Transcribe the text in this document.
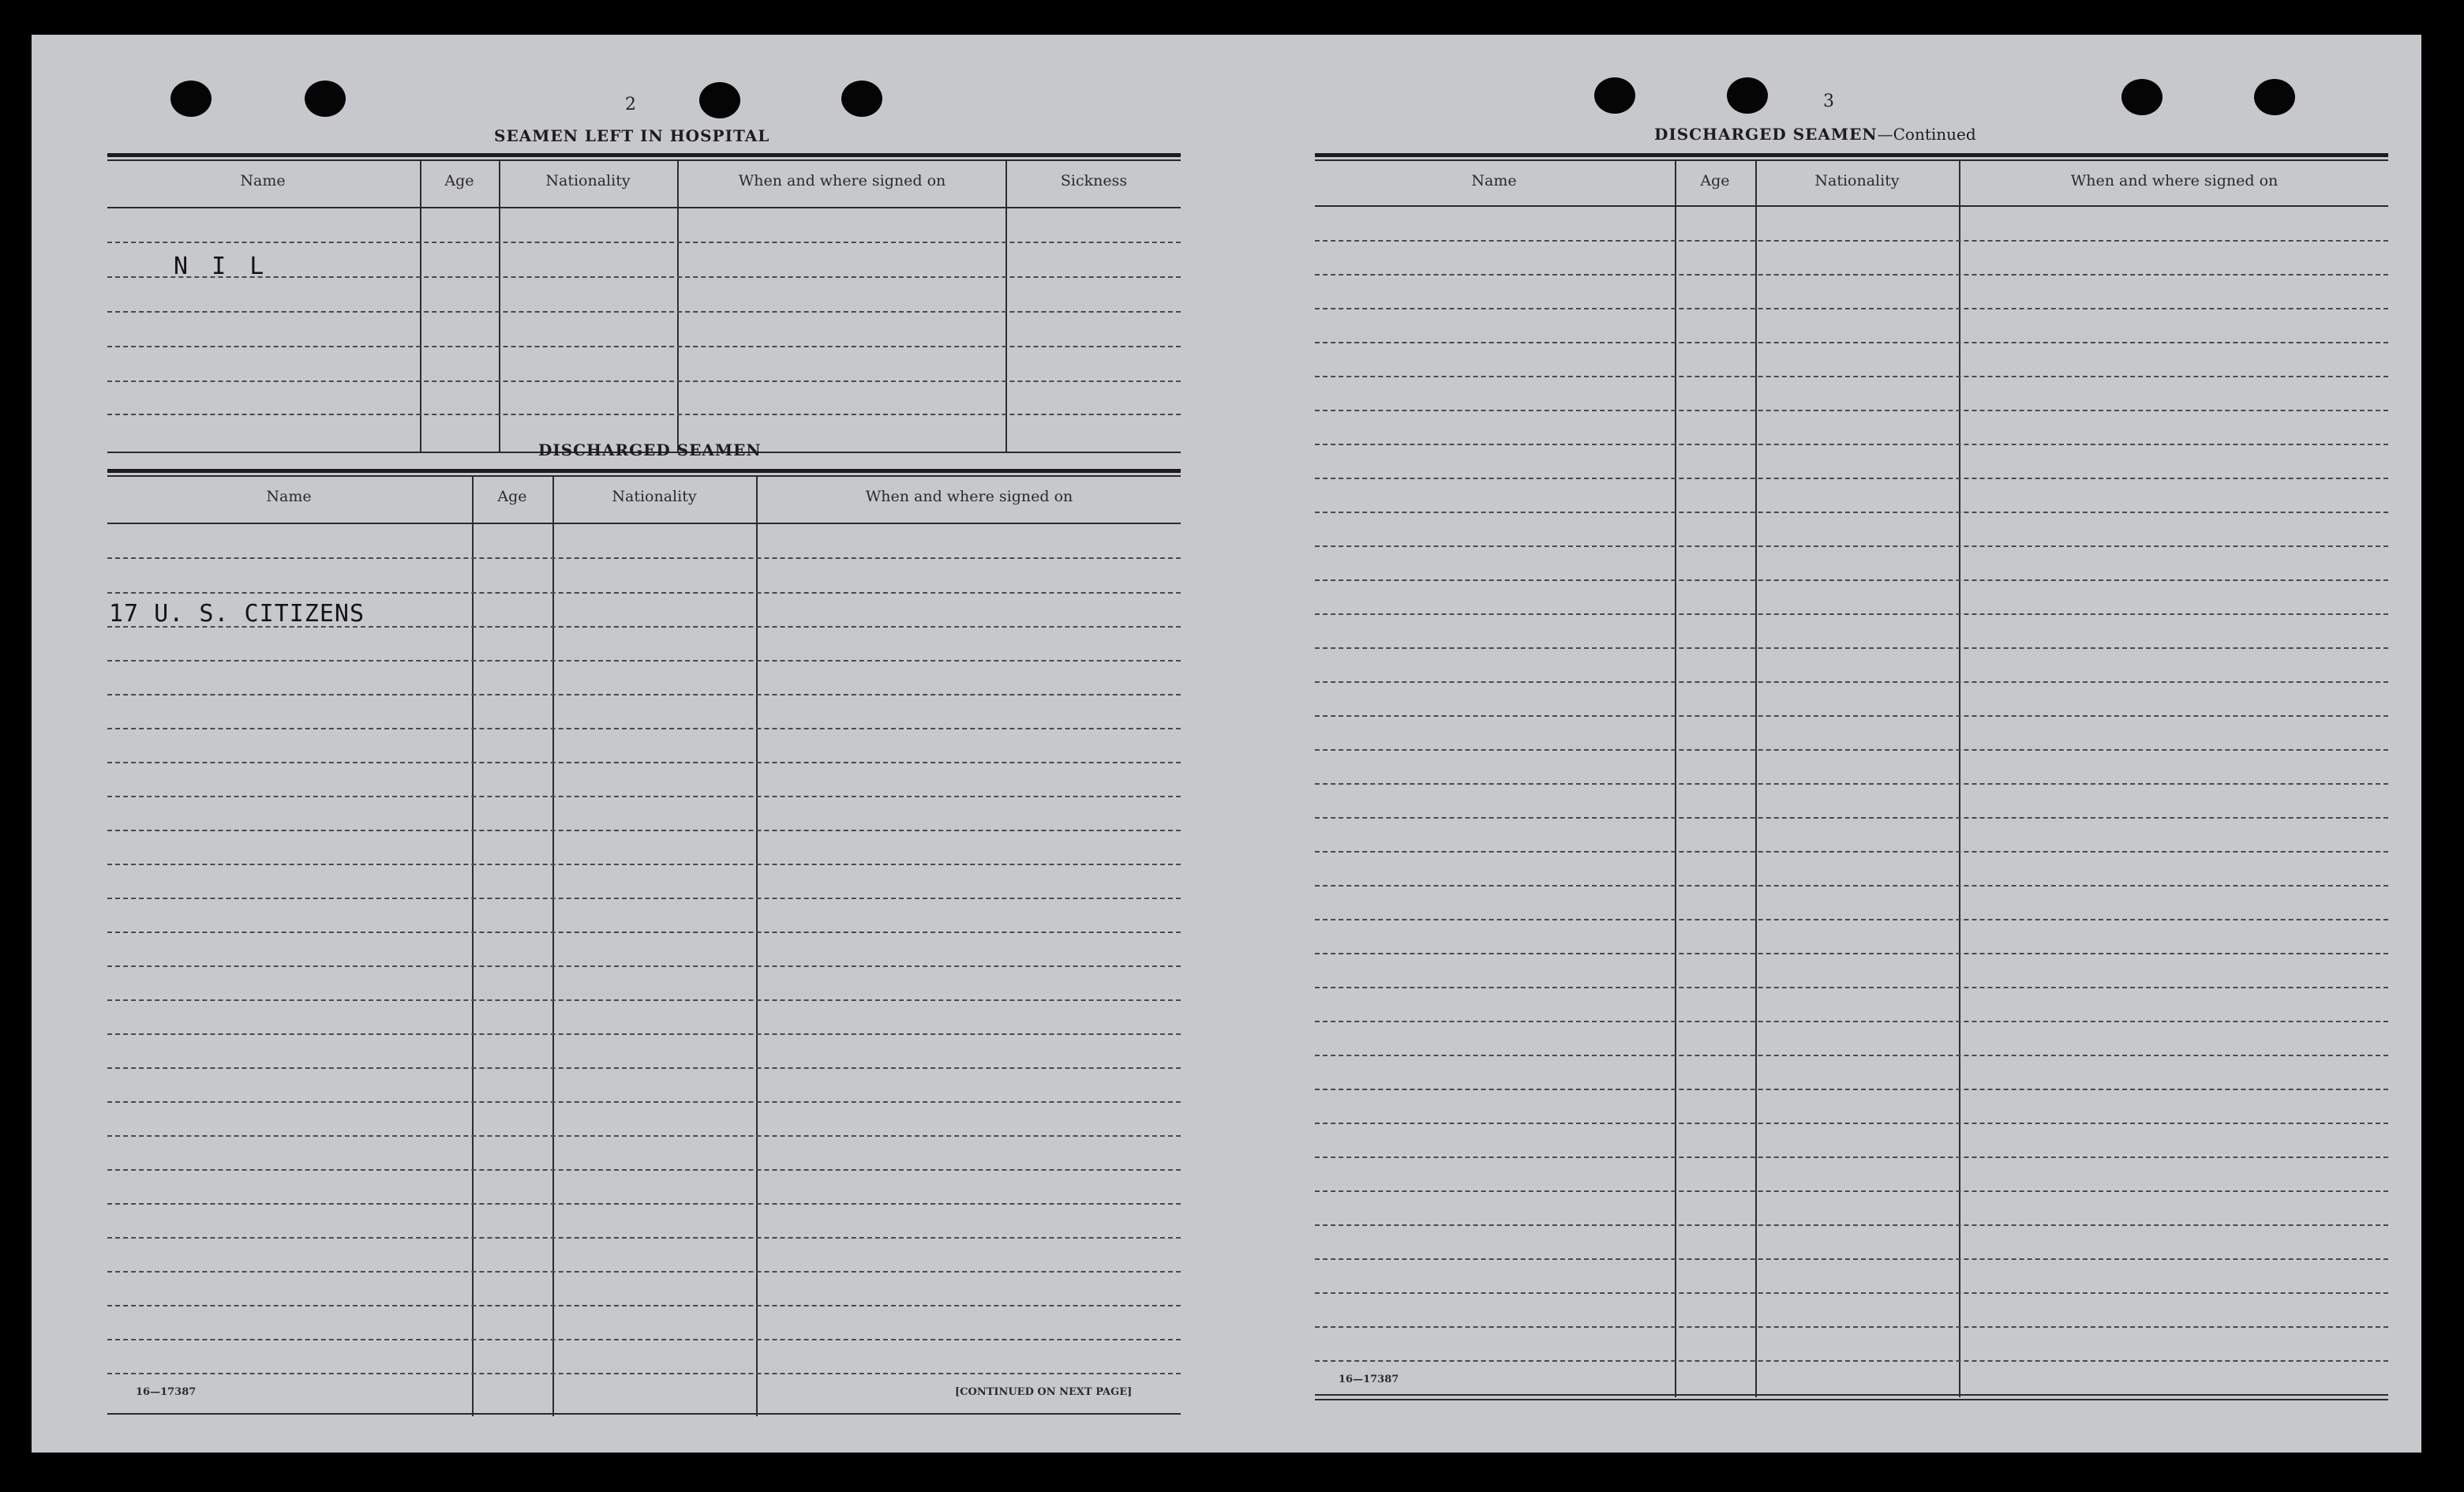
2
SEAMEN LEFT IN HOSPITAL
Name	Age	Nationality	When and where signed on	Sickness
N I L
DISCHARGED SEAMEN
Name	Age	Nationality	When and where signed on
17 U. S. CITIZENS
16—17387	[CONTINUED ON NEXT PAGE]
3
DISCHARGED SEAMEN—Continued
Name	Age	Nationality	When and where signed on
16—17387
